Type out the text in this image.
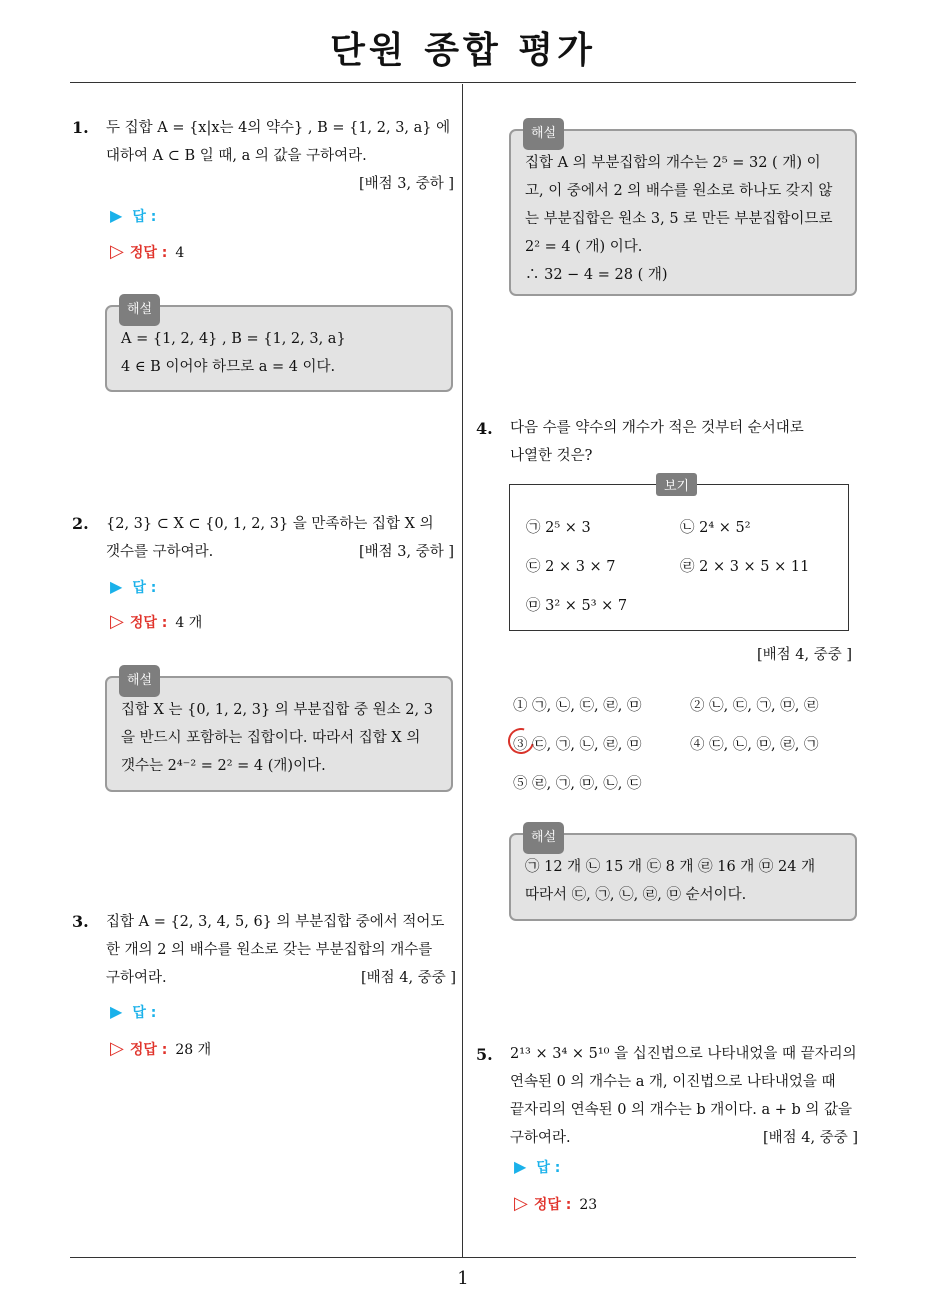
단원 종합 평가
1
1. 두 집합 A = {x|x는 4의 약수} , B = {1, 2, 3, a} 에
대하여 A ⊂ B 일 때, a 의 값을 구하여라.
[배점 3, 중하 ]
▶ 답 :
▷ 정답 : 4
해설
A = {1, 2, 4} , B = {1, 2, 3, a}
4 ∈ B 이어야 하므로 a = 4 이다.
2. {2, 3} ⊂ X ⊂ {0, 1, 2, 3} 을 만족하는 집합 X 의
갯수를 구하여라.	[배점 3, 중하 ]
▶ 답 :
▷ 정답 : 4 개
해설
집합 X 는 {0, 1, 2, 3} 의 부분집합 중 원소 2, 3
을 반드시 포함하는 집합이다. 따라서 집합 X 의
갯수는 2⁴⁻² = 2² = 4 (개)이다.
3. 집합 A = {2, 3, 4, 5, 6} 의 부분집합 중에서 적어도
한 개의 2 의 배수를 원소로 갖는 부분집합의 개수를
구하여라.	[배점 4, 중중 ]
▶ 답 :
▷ 정답 : 28 개
해설
집합 A 의 부분집합의 개수는 2⁵ = 32 ( 개) 이
고, 이 중에서 2 의 배수를 원소로 하나도 갖지 않
는 부분집합은 원소 3, 5 로 만든 부분집합이므로
2² = 4 ( 개) 이다.
∴ 32 − 4 = 28 ( 개)
4. 다음 수를 약수의 개수가 적은 것부터 순서대로
나열한 것은?
보기
㉠ 2⁵ × 3	㉡ 2⁴ × 5²
㉢ 2 × 3 × 7	㉣ 2 × 3 × 5 × 11
㉤ 3² × 5³ × 7
[배점 4, 중중 ]
① ㉠, ㉡, ㉢, ㉣, ㉤	② ㉡, ㉢, ㉠, ㉤, ㉣
③ ㉢, ㉠, ㉡, ㉣, ㉤	④ ㉢, ㉡, ㉤, ㉣, ㉠
⑤ ㉣, ㉠, ㉤, ㉡, ㉢
해설
㉠ 12 개 ㉡ 15 개 ㉢ 8 개 ㉣ 16 개 ㉤ 24 개
따라서 ㉢, ㉠, ㉡, ㉣, ㉤ 순서이다.
5. 2¹³ × 3⁴ × 5¹⁰ 을 십진법으로 나타내었을 때 끝자리의
연속된 0 의 개수는 a 개, 이진법으로 나타내었을 때
끝자리의 연속된 0 의 개수는 b 개이다. a + b 의 값을
구하여라.	[배점 4, 중중 ]
▶ 답 :
▷ 정답 : 23
